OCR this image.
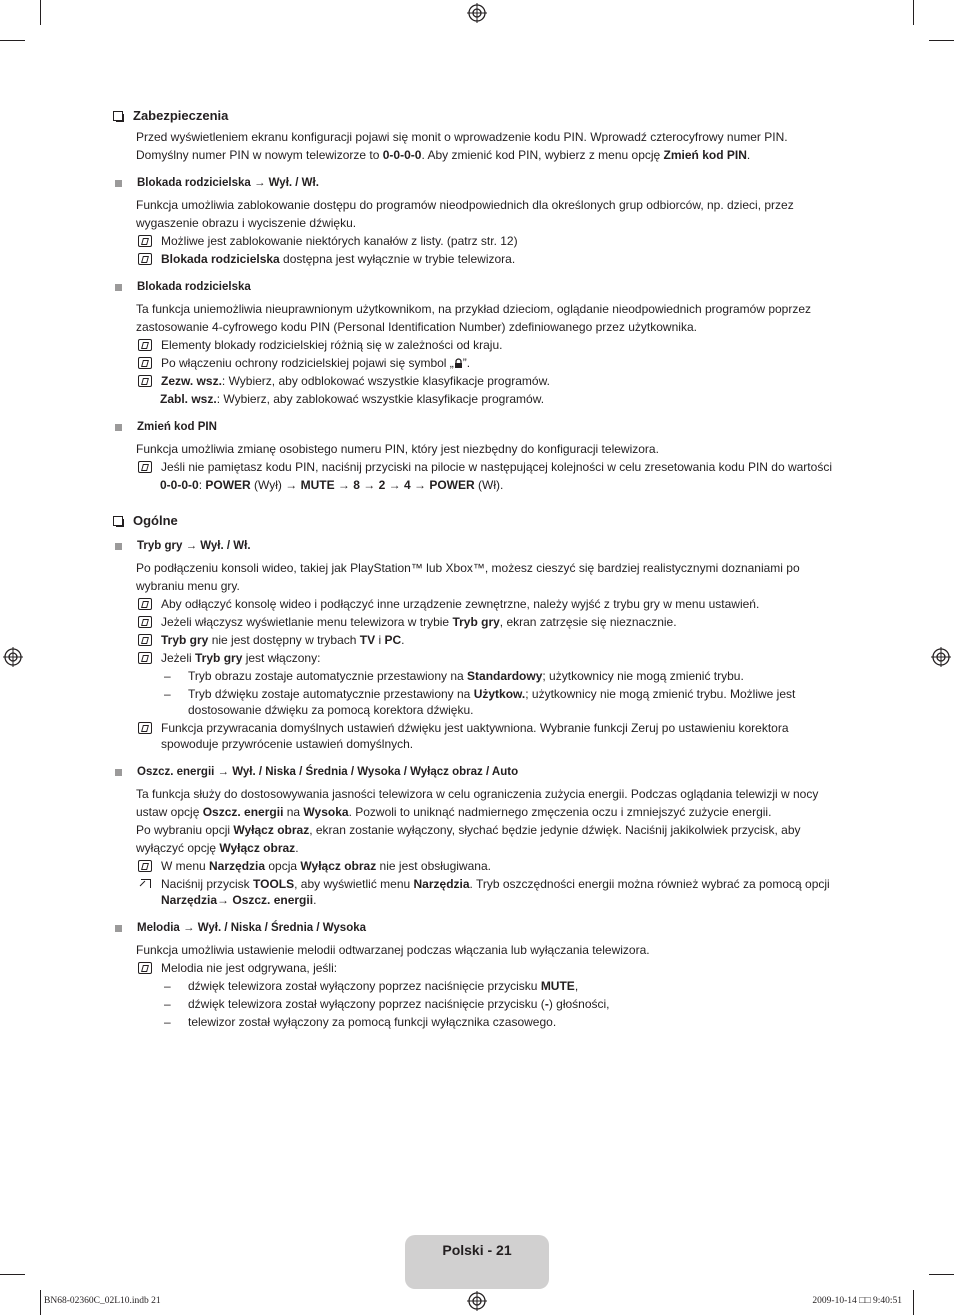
Zabezpieczenia
Przed wyświetleniem ekranu konfiguracji pojawi się monit o wprowadzenie kodu PIN. Wprowadź czterocyfrowy numer PIN.
Domyślny numer PIN w nowym telewizorze to 0-0-0-0. Aby zmienić kod PIN, wybierz z menu opcję Zmień kod PIN.
Blokada rodzicielska → Wył. / Wł.
Funkcja umożliwia zablokowanie dostępu do programów nieodpowiednich dla określonych grup odbiorców, np. dzieci, przez
wygaszenie obrazu i wyciszenie dźwięku.
Możliwe jest zablokowanie niektórych kanałów z listy. (patrz str. 12)
Blokada rodzicielska dostępna jest wyłącznie w trybie telewizora.
Blokada rodzicielska
Ta funkcja uniemożliwia nieuprawnionym użytkownikom, na przykład dzieciom, oglądanie nieodpowiednich programów poprzez
zastosowanie 4-cyfrowego kodu PIN (Personal Identification Number) zdefiniowanego przez użytkownika.
Elementy blokady rodzicielskiej różnią się w zależności od kraju.
Po włączeniu ochrony rodzicielskiej pojawi się symbol „ ”.
Zezw. wsz.: Wybierz, aby odblokować wszystkie klasyfikacje programów.
Zabl. wsz.: Wybierz, aby zablokować wszystkie klasyfikacje programów.
Zmień kod PIN
Funkcja umożliwia zmianę osobistego numeru PIN, który jest niezbędny do konfiguracji telewizora.
Jeśli nie pamiętasz kodu PIN, naciśnij przyciski na pilocie w następującej kolejności w celu zresetowania kodu PIN do wartości
0-0-0-0: POWER (Wył) → MUTE → 8 → 2 → 4 → POWER (Wł).
Ogólne
Tryb gry → Wył. / Wł.
Po podłączeniu konsoli wideo, takiej jak PlayStation™ lub Xbox™, możesz cieszyć się bardziej realistycznymi doznaniami po
wybraniu menu gry.
Aby odłączyć konsolę wideo i podłączyć inne urządzenie zewnętrzne, należy wyjść z trybu gry w menu ustawień.
Jeżeli włączysz wyświetlanie menu telewizora w trybie Tryb gry, ekran zatrzęsie się nieznacznie.
Tryb gry nie jest dostępny w trybach TV i PC.
Jeżeli Tryb gry jest włączony:
–	Tryb obrazu zostaje automatycznie przestawiony na Standardowy; użytkownicy nie mogą zmienić trybu.
–	Tryb dźwięku zostaje automatycznie przestawiony na Użytkow.; użytkownicy nie mogą zmienić trybu. Możliwe jest
dostosowanie dźwięku za pomocą korektora dźwięku.
Funkcja przywracania domyślnych ustawień dźwięku jest uaktywniona. Wybranie funkcji Zeruj po ustawieniu korektora
spowoduje przywrócenie ustawień domyślnych.
Oszcz. energii → Wył. / Niska / Średnia / Wysoka / Wyłącz obraz / Auto
Ta funkcja służy do dostosowywania jasności telewizora w celu ograniczenia zużycia energii. Podczas oglądania telewizji w nocy
ustaw opcję Oszcz. energii na Wysoka. Pozwoli to uniknąć nadmiernego zmęczenia oczu i zmniejszyć zużycie energii.
Po wybraniu opcji Wyłącz obraz, ekran zostanie wyłączony, słychać będzie jedynie dźwięk. Naciśnij jakikolwiek przycisk, aby
wyłączyć opcję Wyłącz obraz.
W menu Narzędzia opcja Wyłącz obraz nie jest obsługiwana.
Naciśnij przycisk TOOLS, aby wyświetlić menu Narzędzia. Tryb oszczędności energii można również wybrać za pomocą opcji
Narzędzia→ Oszcz. energii.
Melodia → Wył. / Niska / Średnia / Wysoka
Funkcja umożliwia ustawienie melodii odtwarzanej podczas włączania lub wyłączania telewizora.
Melodia nie jest odgrywana, jeśli:
–	dźwięk telewizora został wyłączony poprzez naciśnięcie przycisku MUTE,
–	dźwięk telewizora został wyłączony poprzez naciśnięcie przycisku (-) głośności,
–	telewizor został wyłączony za pomocą funkcji wyłącznika czasowego.
Polski - 21
BN68-02360C_02L10.indb 21	2009-10-14 □□ 9:40:51
